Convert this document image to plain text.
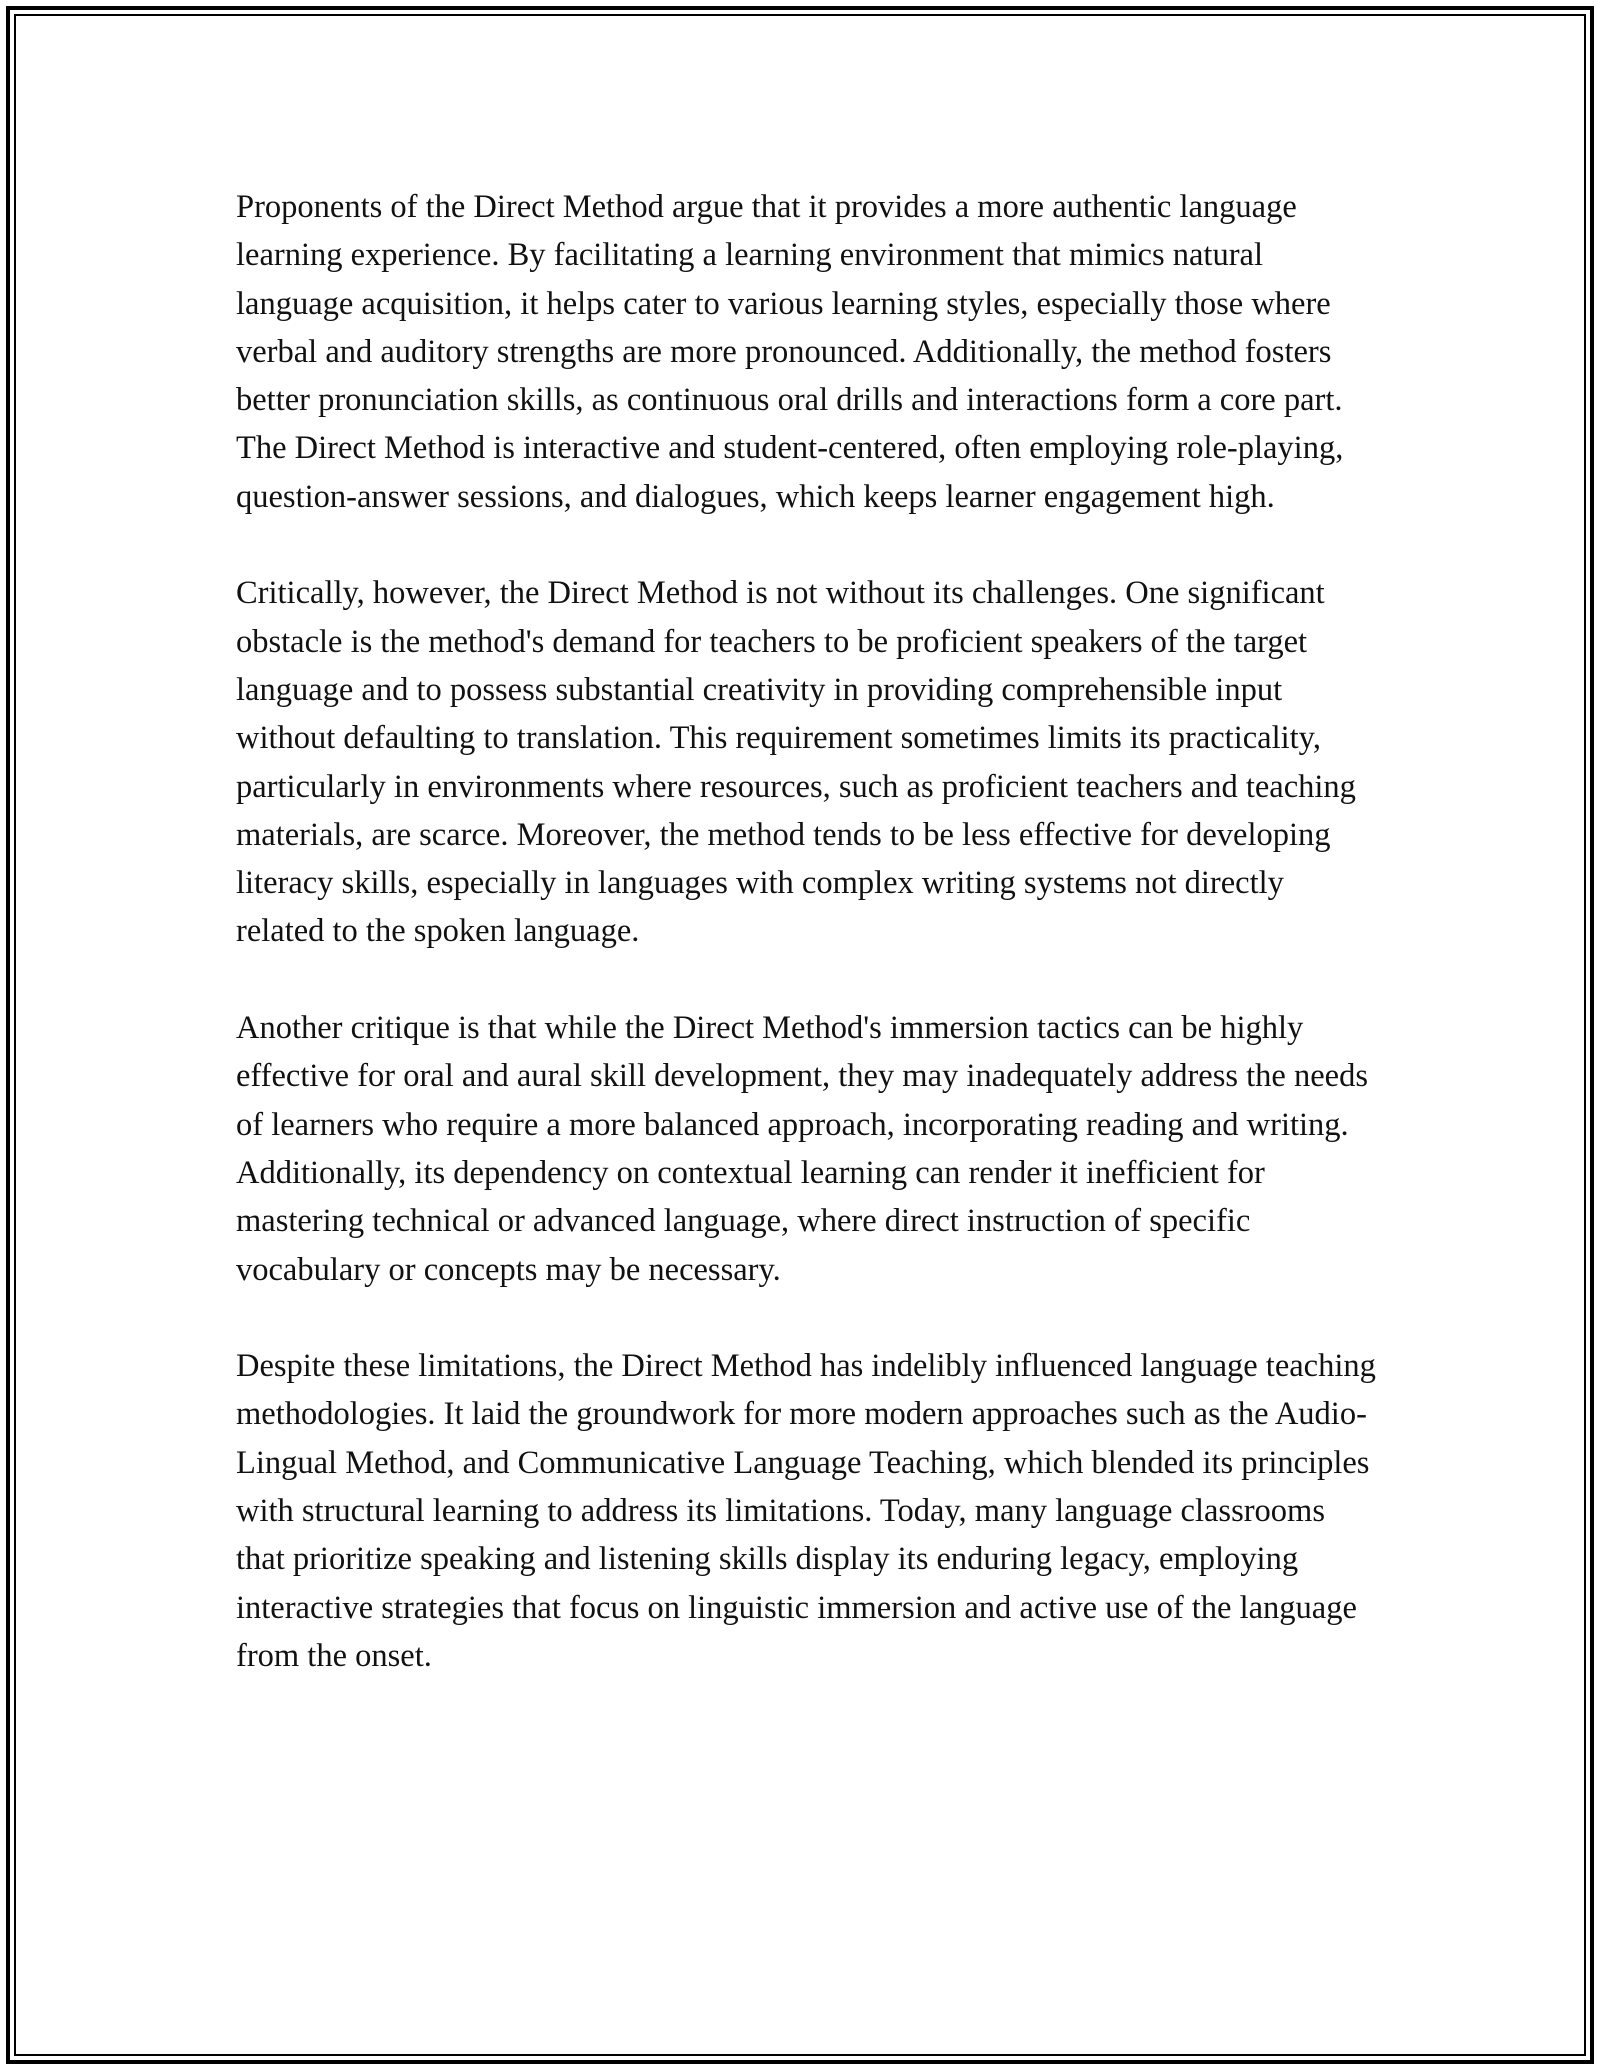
Proponents of the Direct Method argue that it provides a more authentic language learning experience. By facilitating a learning environment that mimics natural language acquisition, it helps cater to various learning styles, especially those where verbal and auditory strengths are more pronounced. Additionally, the method fosters better pronunciation skills, as continuous oral drills and interactions form a core part. The Direct Method is interactive and student-centered, often employing role-playing, question-answer sessions, and dialogues, which keeps learner engagement high.

Critically, however, the Direct Method is not without its challenges. One significant obstacle is the method's demand for teachers to be proficient speakers of the target language and to possess substantial creativity in providing comprehensible input without defaulting to translation. This requirement sometimes limits its practicality, particularly in environments where resources, such as proficient teachers and teaching materials, are scarce. Moreover, the method tends to be less effective for developing literacy skills, especially in languages with complex writing systems not directly related to the spoken language.

Another critique is that while the Direct Method's immersion tactics can be highly effective for oral and aural skill development, they may inadequately address the needs of learners who require a more balanced approach, incorporating reading and writing. Additionally, its dependency on contextual learning can render it inefficient for mastering technical or advanced language, where direct instruction of specific vocabulary or concepts may be necessary.

Despite these limitations, the Direct Method has indelibly influenced language teaching methodologies. It laid the groundwork for more modern approaches such as the Audio-Lingual Method, and Communicative Language Teaching, which blended its principles with structural learning to address its limitations. Today, many language classrooms that prioritize speaking and listening skills display its enduring legacy, employing interactive strategies that focus on linguistic immersion and active use of the language from the onset.
